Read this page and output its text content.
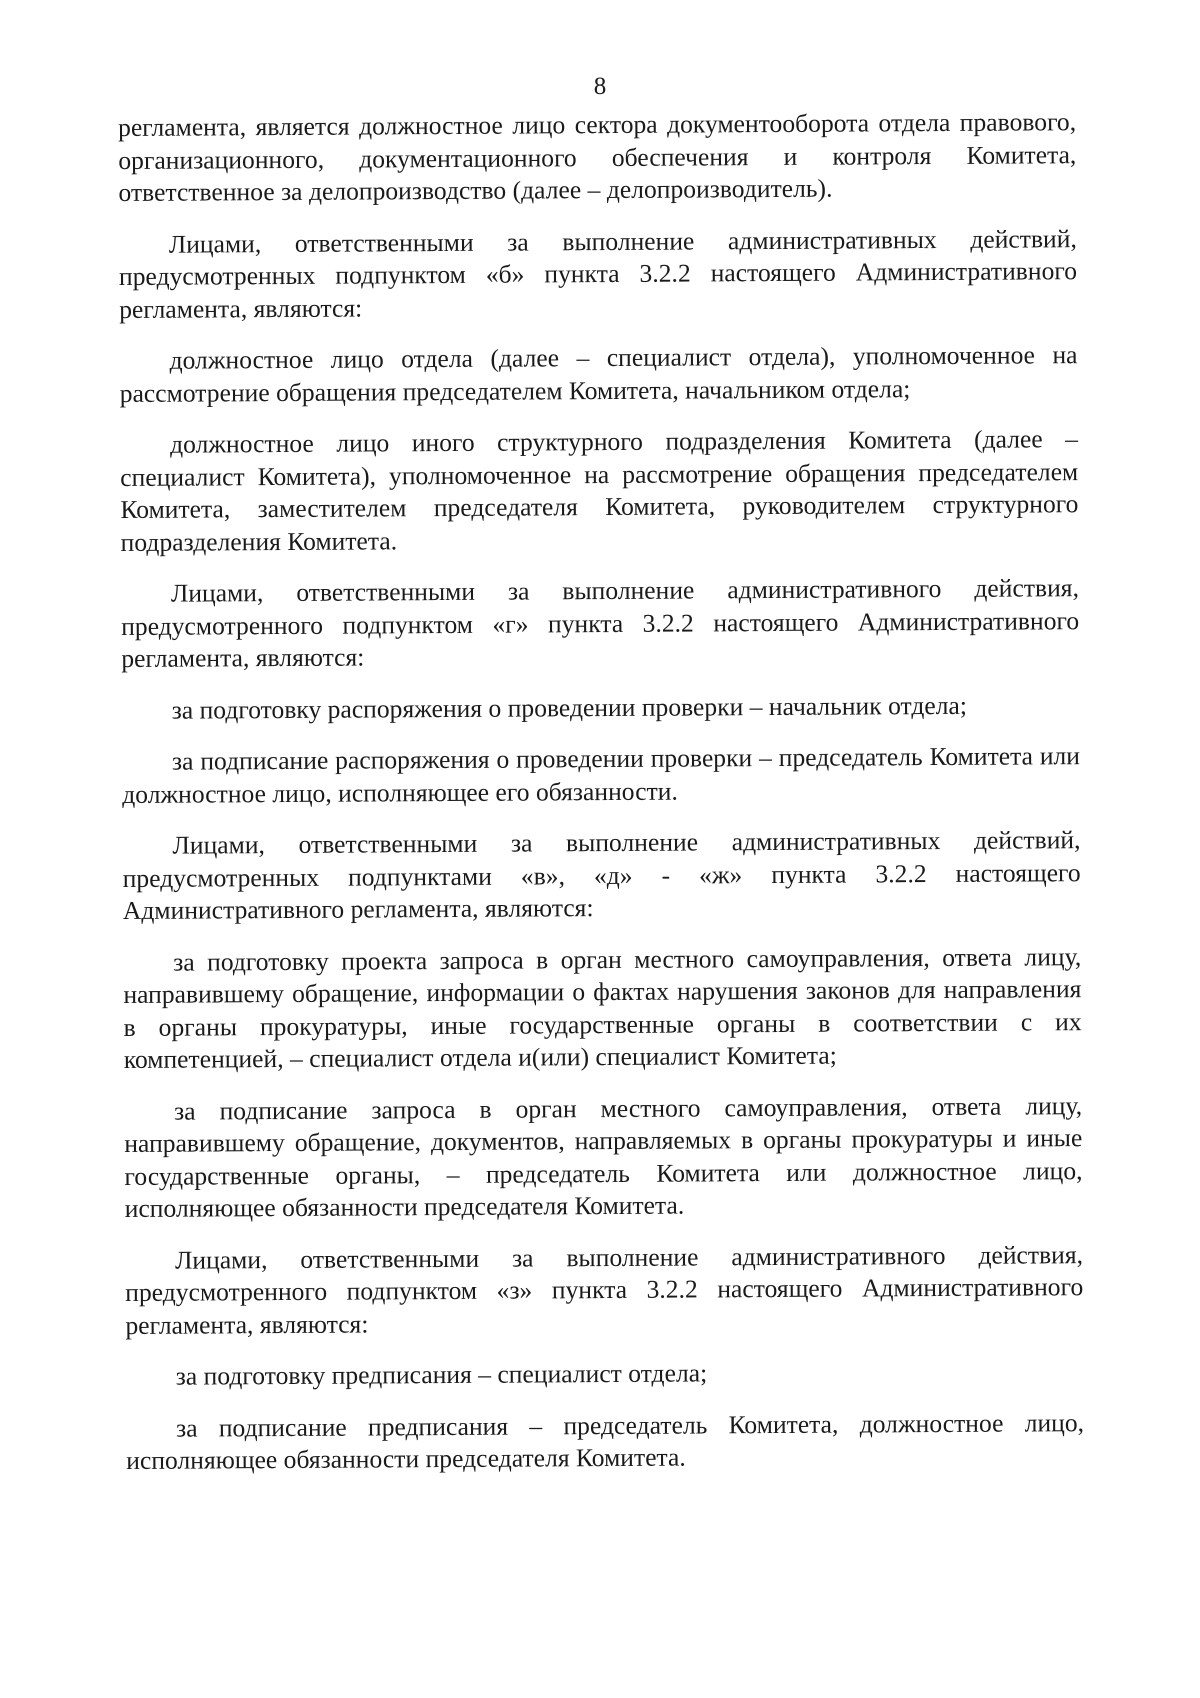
8

регламента, является должностное лицо сектора документооборота отдела правового, организационного, документационного обеспечения и контроля Комитета, ответственное за делопроизводство (далее – делопроизводитель).

Лицами, ответственными за выполнение административных действий, предусмотренных подпунктом «б» пункта 3.2.2 настоящего Административного регламента, являются:

должностное лицо отдела (далее – специалист отдела), уполномоченное на рассмотрение обращения председателем Комитета, начальником отдела;

должностное лицо иного структурного подразделения Комитета (далее – специалист Комитета), уполномоченное на рассмотрение обращения председателем Комитета, заместителем председателя Комитета, руководителем структурного подразделения Комитета.

Лицами, ответственными за выполнение административного действия, предусмотренного подпунктом «г» пункта 3.2.2 настоящего Административного регламента, являются:

за подготовку распоряжения о проведении проверки – начальник отдела;

за подписание распоряжения о проведении проверки – председатель Комитета или должностное лицо, исполняющее его обязанности.

Лицами, ответственными за выполнение административных действий, предусмотренных подпунктами «в», «д» - «ж» пункта 3.2.2 настоящего Административного регламента, являются:

за подготовку проекта запроса в орган местного самоуправления, ответа лицу, направившему обращение, информации о фактах нарушения законов для направления в органы прокуратуры, иные государственные органы в соответствии с их компетенцией, – специалист отдела и(или) специалист Комитета;

за подписание запроса в орган местного самоуправления, ответа лицу, направившему обращение, документов, направляемых в органы прокуратуры и иные государственные органы, – председатель Комитета или должностное лицо, исполняющее обязанности председателя Комитета.

Лицами, ответственными за выполнение административного действия, предусмотренного подпунктом «з» пункта 3.2.2 настоящего Административного регламента, являются:

за подготовку предписания – специалист отдела;

за подписание предписания – председатель Комитета, должностное лицо, исполняющее обязанности председателя Комитета.
